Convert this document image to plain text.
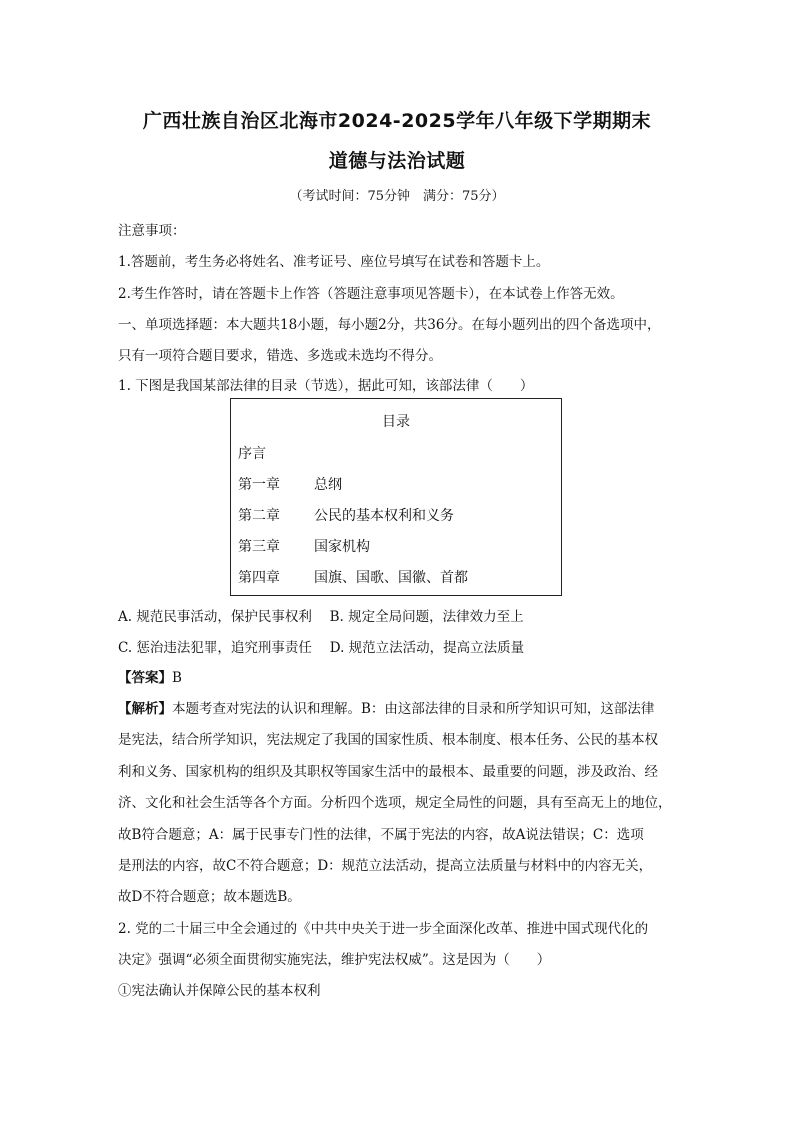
广西壮族自治区北海市2024-2025学年八年级下学期期末
道德与法治试题
（考试时间：75分钟　满分：75分）
注意事项：
1.答题前，考生务必将姓名、准考证号、座位号填写在试卷和答题卡上。
2.考生作答时，请在答题卡上作答（答题注意事项见答题卡），在本试卷上作答无效。
一、单项选择题：本大题共18小题，每小题2分，共36分。在每小题列出的四个备选项中，
只有一项符合题目要求，错选、多选或未选均不得分。
1. 下图是我国某部法律的目录（节选），据此可知，该部法律（　　）
目录
序言
第一章 总纲
第二章 公民的基本权利和义务
第三章 国家机构
第四章 国旗、国歌、国徽、首都
A. 规范民事活动，保护民事权利　 B. 规定全局问题，法律效力至上
C. 惩治违法犯罪，追究刑事责任　 D. 规范立法活动，提高立法质量
【答案】B
【解析】本题考查对宪法的认识和理解。B：由这部法律的目录和所学知识可知，这部法律
是宪法，结合所学知识，宪法规定了我国的国家性质、根本制度、根本任务、公民的基本权
利和义务、国家机构的组织及其职权等国家生活中的最根本、最重要的问题，涉及政治、经
济、文化和社会生活等各个方面。分析四个选项，规定全局性的问题，具有至高无上的地位，
故B符合题意；A：属于民事专门性的法律，不属于宪法的内容，故A说法错误；C：选项
是刑法的内容，故C不符合题意；D：规范立法活动，提高立法质量与材料中的内容无关，
故D不符合题意；故本题选B。
2. 党的二十届三中全会通过的《中共中央关于进一步全面深化改革、推进中国式现代化的
决定》强调“必须全面贯彻实施宪法，维护宪法权威”。这是因为（　　）
①宪法确认并保障公民的基本权利
